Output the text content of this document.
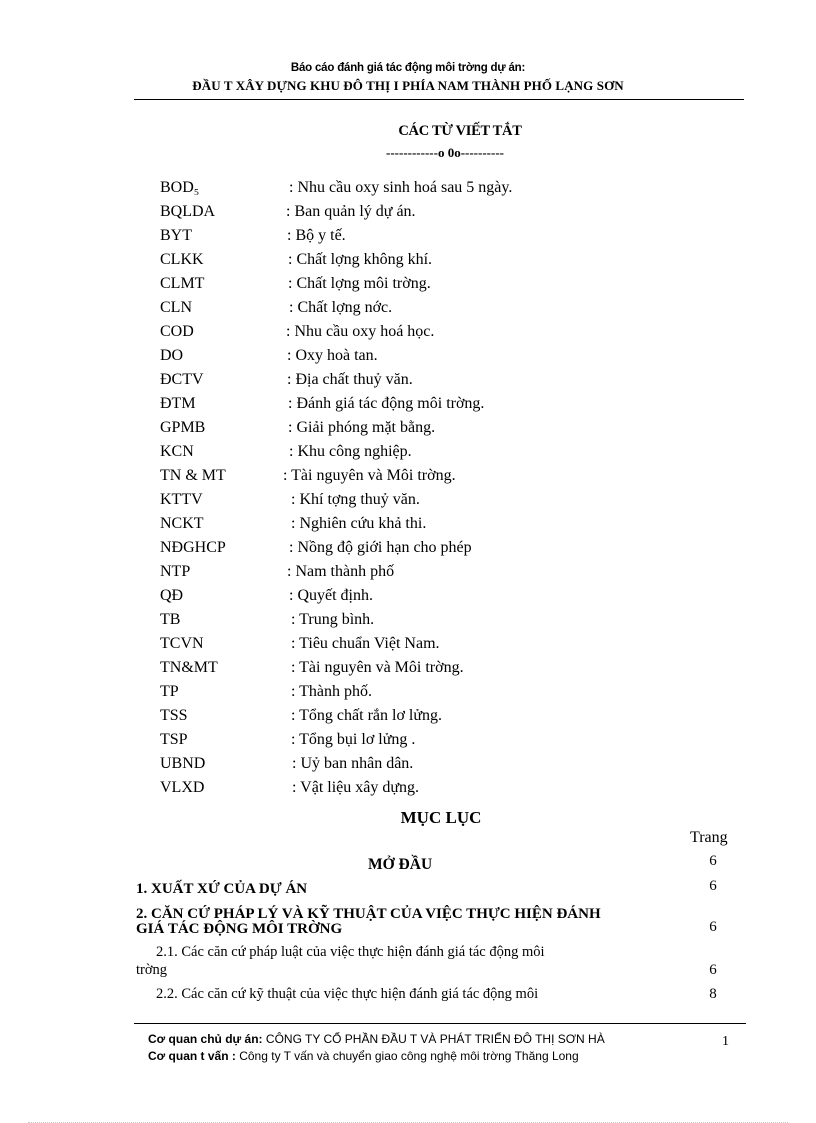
Báo cáo đánh giá tác động môi trờng dự án:
ĐẦU T XÂY DỰNG KHU ĐÔ THỊ I PHÍA NAM THÀNH PHỐ LẠNG SƠN
CÁC TỪ VIẾT TẮT
------------o 0o----------
BOD₅	: Nhu cầu oxy sinh hoá sau 5 ngày.
BQLDA	: Ban quản lý dự án.
BYT	: Bộ y tế.
CLKK	: Chất lợng không khí.
CLMT	: Chất lợng môi trờng.
CLN	: Chất lợng nớc.
COD	: Nhu cầu oxy hoá học.
DO	: Oxy hoà tan.
ĐCTV	: Địa chất thuỷ văn.
ĐTM	: Đánh giá tác động môi trờng.
GPMB	: Giải phóng mặt bằng.
KCN	: Khu công nghiệp.
TN & MT	: Tài nguyên và Môi trờng.
KTTV	: Khí tợng thuỷ văn.
NCKT	: Nghiên cứu khả thi.
NĐGHCP	: Nồng độ giới hạn cho phép
NTP	: Nam thành phố
QĐ	: Quyết định.
TB	: Trung bình.
TCVN	: Tiêu chuẩn Việt Nam.
TN&MT	: Tài nguyên và Môi trờng.
TP	: Thành phố.
TSS	: Tổng chất rắn lơ lửng.
TSP	: Tổng bụi lơ lửng .
UBND	: Uỷ ban nhân dân.
VLXD	: Vật liệu xây dựng.
MỤC LỤC
Trang
MỞ ĐẦU	6
1. XUẤT XỨ CỦA DỰ ÁN	6
2. CĂN CỨ PHÁP LÝ VÀ KỸ THUẬT CỦA VIỆC THỰC HIỆN ĐÁNH
GIÁ TÁC ĐỘNG MÔI TRỜNG	6
2.1. Các căn cứ pháp luật của việc thực hiện đánh giá tác động môi
trờng	6
2.2. Các căn cứ kỹ thuật của việc thực hiện đánh giá tác động môi	8
Cơ quan chủ dự án: CÔNG TY CỔ PHẦN ĐẦU T VÀ PHÁT TRIỂN ĐÔ THỊ SƠN HÀ
Cơ quan t vấn : Công ty T vấn và chuyển giao công nghệ môi trờng Thăng Long
1
